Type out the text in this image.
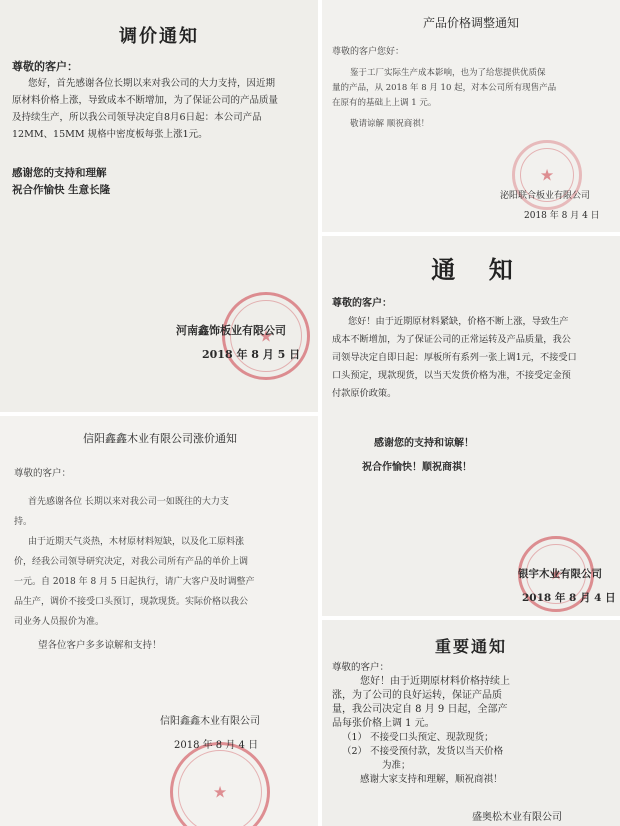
调价通知
尊敬的客户：
您好，首先感谢各位长期以来对我公司的大力支持，因近期
原材料价格上涨，导致成本不断增加，为了保证公司的产品质量
及持续生产，所以我公司领导决定自8月6日起：本公司产品
12MM、15MM 规格中密度板每张上涨1元。
感谢您的支持和理解
祝合作愉快 生意长隆
★
河南鑫饰板业有限公司
2018 年 8 月 5 日
产品价格调整通知
尊敬的客户您好：
鉴于工厂实际生产成本影响，也为了给您提供优质保
量的产品，从 2018 年 8 月 10 起，对本公司所有现售产品
在原有的基础上上调 1 元。
敬请谅解 顺祝商祺！
★
泌阳联合板业有限公司
2018 年 8 月 4 日
通    知
尊敬的客户：
您好！由于近期原材料紧缺，价格不断上涨，导致生产
成本不断增加，为了保证公司的正常运转及产品质量，我公
司领导决定自即日起：厚板所有系列一张上调1元，不接受口
口头预定，现款现货，以当天发货价格为准，不接受定金预
付款原价政策。
感谢您的支持和谅解！
祝合作愉快！顺祝商祺！
★
银宇木业有限公司
2018 年 8 月 4 日
信阳鑫鑫木业有限公司涨价通知
尊敬的客户：
首先感谢各位 长期以来对我公司一如既往的大力支
持。
由于近期天气炎热，木材原材料短缺，以及化工原料涨
价，经我公司领导研究决定，对我公司所有产品的单价上调
一元。自 2018 年 8 月 5 日起执行，请广大客户及时调整产
品生产，调价不接受口头预订，现款现货。实际价格以我公
司业务人员报价为准。
望各位客户多多谅解和支持！
★
信阳鑫鑫木业有限公司
2018 年 8 月 4 日
重要通知
尊敬的客户：
您好！由于近期原材料价格持续上
涨，为了公司的良好运转，保证产品质
量，我公司决定自 8 月 9 日起，全部产
品每张价格上调 1 元。
（1） 不接受口头预定、现款现货；
（2） 不接受预付款，发货以当天价格
为准；
感谢大家支持和理解，顺祝商祺！
盛奥松木业有限公司
